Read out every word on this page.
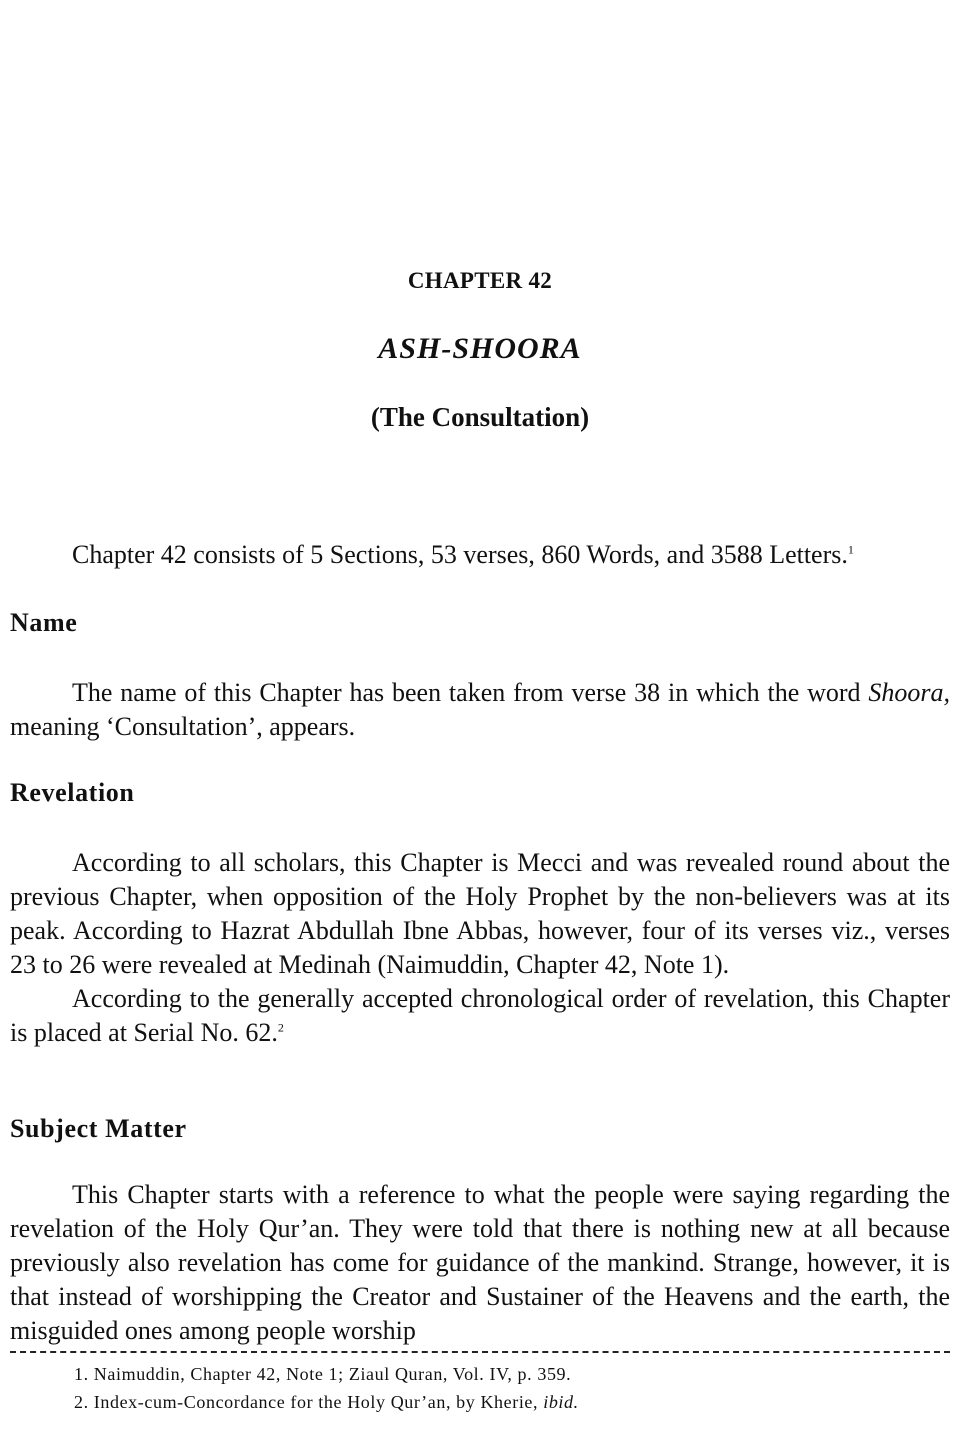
CHAPTER 42
ASH-SHOORA
(The Consultation)

Chapter 42 consists of 5 Sections, 53 verses, 860 Words, and 3588 Letters.$^1$

Name

The name of this Chapter has been taken from verse 38 in which the word Shoora, meaning ‘Consultation’, appears.

Revelation

According to all scholars, this Chapter is Mecci and was revealed round about the previous Chapter, when opposition of the Holy Prophet by the non-believers was at its peak. According to Hazrat Abdullah Ibne Abbas, however, four of its verses viz., verses 23 to 26 were revealed at Medinah (Naimuddin, Chapter 42, Note 1).

According to the generally accepted chronological order of revelation, this Chapter is placed at Serial No. 62.$^2$

Subject Matter

This Chapter starts with a reference to what the people were saying regarding the revelation of the Holy Qur’an. They were told that there is nothing new at all because previously also revelation has come for guidance of the mankind. Strange, however, it is that instead of worshipping the Creator and Sustainer of the Heavens and the earth, the misguided ones among people worship

1. Naimuddin, Chapter 42, Note 1; Ziaul Quran, Vol. IV, p. 359.

2. Index-cum-Concordance for the Holy Qur’an, by Kherie, ibid.
